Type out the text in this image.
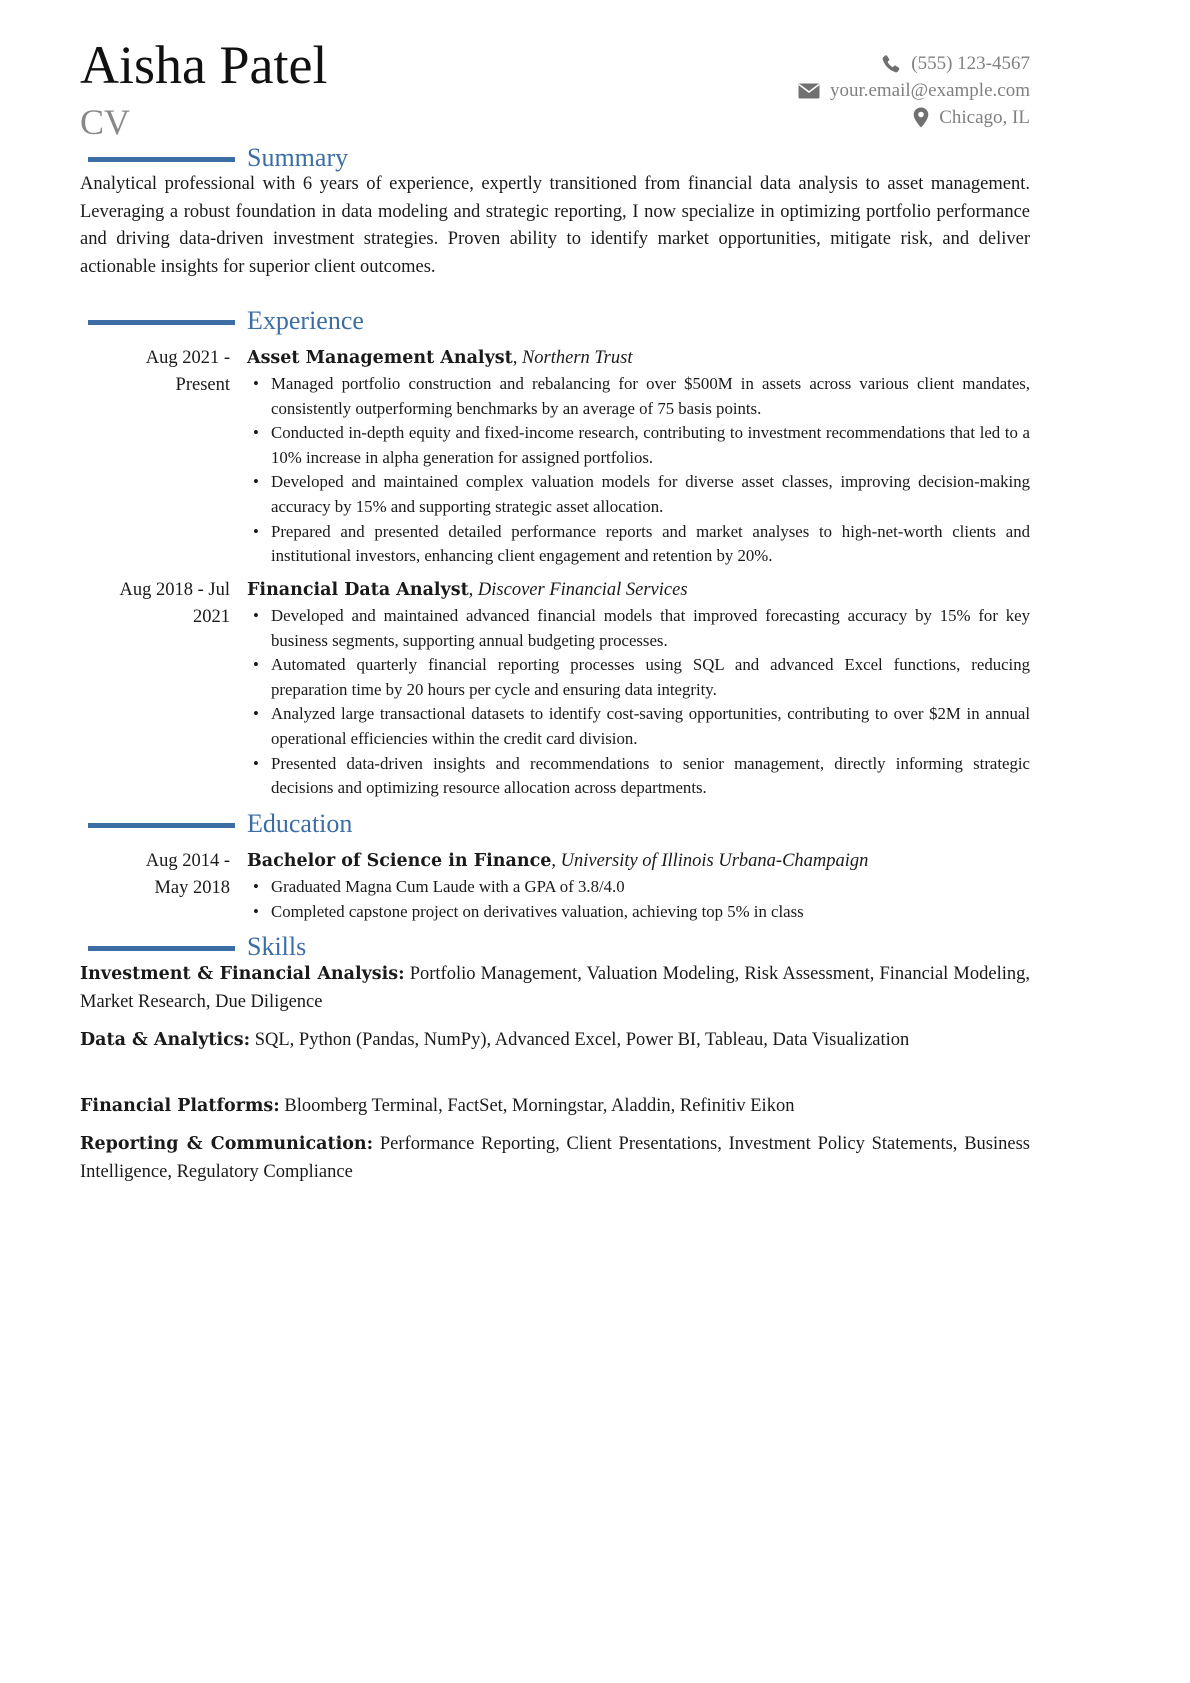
Aisha Patel
CV
(555) 123-4567
your.email@example.com
Chicago, IL
Summary
Analytical professional with 6 years of experience, expertly transitioned from financial data analysis to asset management. Leveraging a robust foundation in data modeling and strategic reporting, I now specialize in optimizing portfolio performance and driving data-driven investment strategies. Proven ability to identify market opportunities, mitigate risk, and deliver actionable insights for superior client outcomes.
Experience
Aug 2021 -
Present
Asset Management Analyst, Northern Trust
• Managed portfolio construction and rebalancing for over $500M in assets across various client mandates, consistently outperforming benchmarks by an average of 75 basis points.
• Conducted in-depth equity and fixed-income research, contributing to investment recommendations that led to a 10% increase in alpha generation for assigned portfolios.
• Developed and maintained complex valuation models for diverse asset classes, improving decision-making accuracy by 15% and supporting strategic asset allocation.
• Prepared and presented detailed performance reports and market analyses to high-net-worth clients and institutional investors, enhancing client engagement and retention by 20%.
Aug 2018 - Jul
2021
Financial Data Analyst, Discover Financial Services
• Developed and maintained advanced financial models that improved forecasting accuracy by 15% for key business segments, supporting annual budgeting processes.
• Automated quarterly financial reporting processes using SQL and advanced Excel functions, reducing preparation time by 20 hours per cycle and ensuring data integrity.
• Analyzed large transactional datasets to identify cost-saving opportunities, contributing to over $2M in annual operational efficiencies within the credit card division.
• Presented data-driven insights and recommendations to senior management, directly informing strategic decisions and optimizing resource allocation across departments.
Education
Aug 2014 -
May 2018
Bachelor of Science in Finance, University of Illinois Urbana-Champaign
• Graduated Magna Cum Laude with a GPA of 3.8/4.0
• Completed capstone project on derivatives valuation, achieving top 5% in class
Skills
Investment & Financial Analysis: Portfolio Management, Valuation Modeling, Risk Assessment, Financial Modeling, Market Research, Due Diligence
Data & Analytics: SQL, Python (Pandas, NumPy), Advanced Excel, Power BI, Tableau, Data Visualization
Financial Platforms: Bloomberg Terminal, FactSet, Morningstar, Aladdin, Refinitiv Eikon
Reporting & Communication: Performance Reporting, Client Presentations, Investment Policy Statements, Business Intelligence, Regulatory Compliance
